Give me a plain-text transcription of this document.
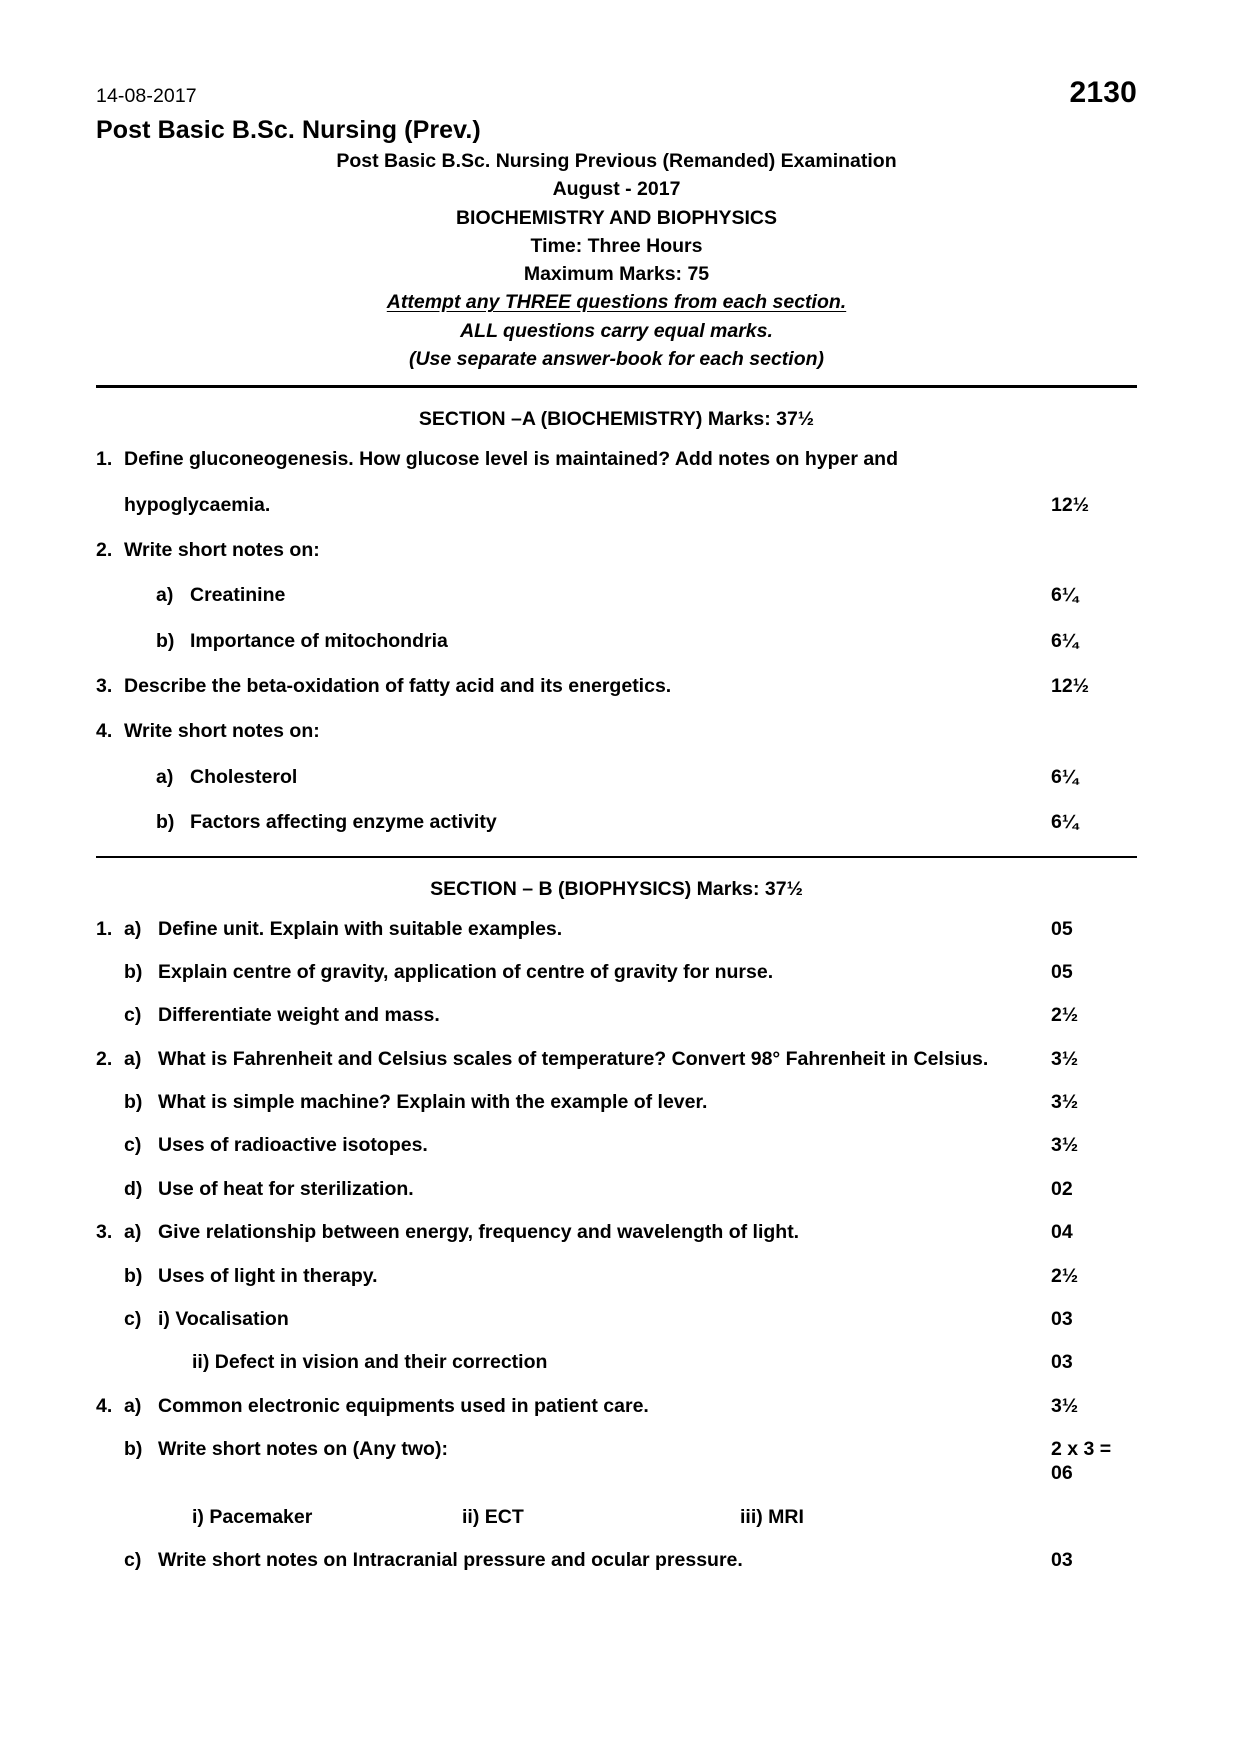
14-08-2017	2130
Post Basic B.Sc. Nursing (Prev.)
Post Basic B.Sc. Nursing Previous (Remanded) Examination
August - 2017
BIOCHEMISTRY AND BIOPHYSICS
Time: Three Hours
Maximum Marks: 75
Attempt any THREE questions from each section.
ALL questions carry equal marks.
(Use separate answer-book for each section)
SECTION –A (BIOCHEMISTRY) Marks: 37½
1. Define gluconeogenesis. How glucose level is maintained? Add notes on hyper and
hypoglycaemia.	12½
2. Write short notes on:
a) Creatinine	6¼
b) Importance of mitochondria	6¼
3. Describe the beta-oxidation of fatty acid and its energetics.	12½
4. Write short notes on:
a) Cholesterol	6¼
b) Factors affecting enzyme activity	6¼
SECTION – B (BIOPHYSICS) Marks: 37½
1. a) Define unit. Explain with suitable examples.	05
b) Explain centre of gravity, application of centre of gravity for nurse.	05
c) Differentiate weight and mass.	2½
2. a) What is Fahrenheit and Celsius scales of temperature? Convert 98° Fahrenheit in Celsius.	3½
b) What is simple machine? Explain with the example of lever.	3½
c) Uses of radioactive isotopes.	3½
d) Use of heat for sterilization.	02
3. a) Give relationship between energy, frequency and wavelength of light.	04
b) Uses of light in therapy.	2½
c) i) Vocalisation	03
ii) Defect in vision and their correction	03
4. a) Common electronic equipments used in patient care.	3½
b) Write short notes on (Any two):	2 x 3 = 06
i) Pacemaker	ii) ECT	iii) MRI
c) Write short notes on Intracranial pressure and ocular pressure.	03
